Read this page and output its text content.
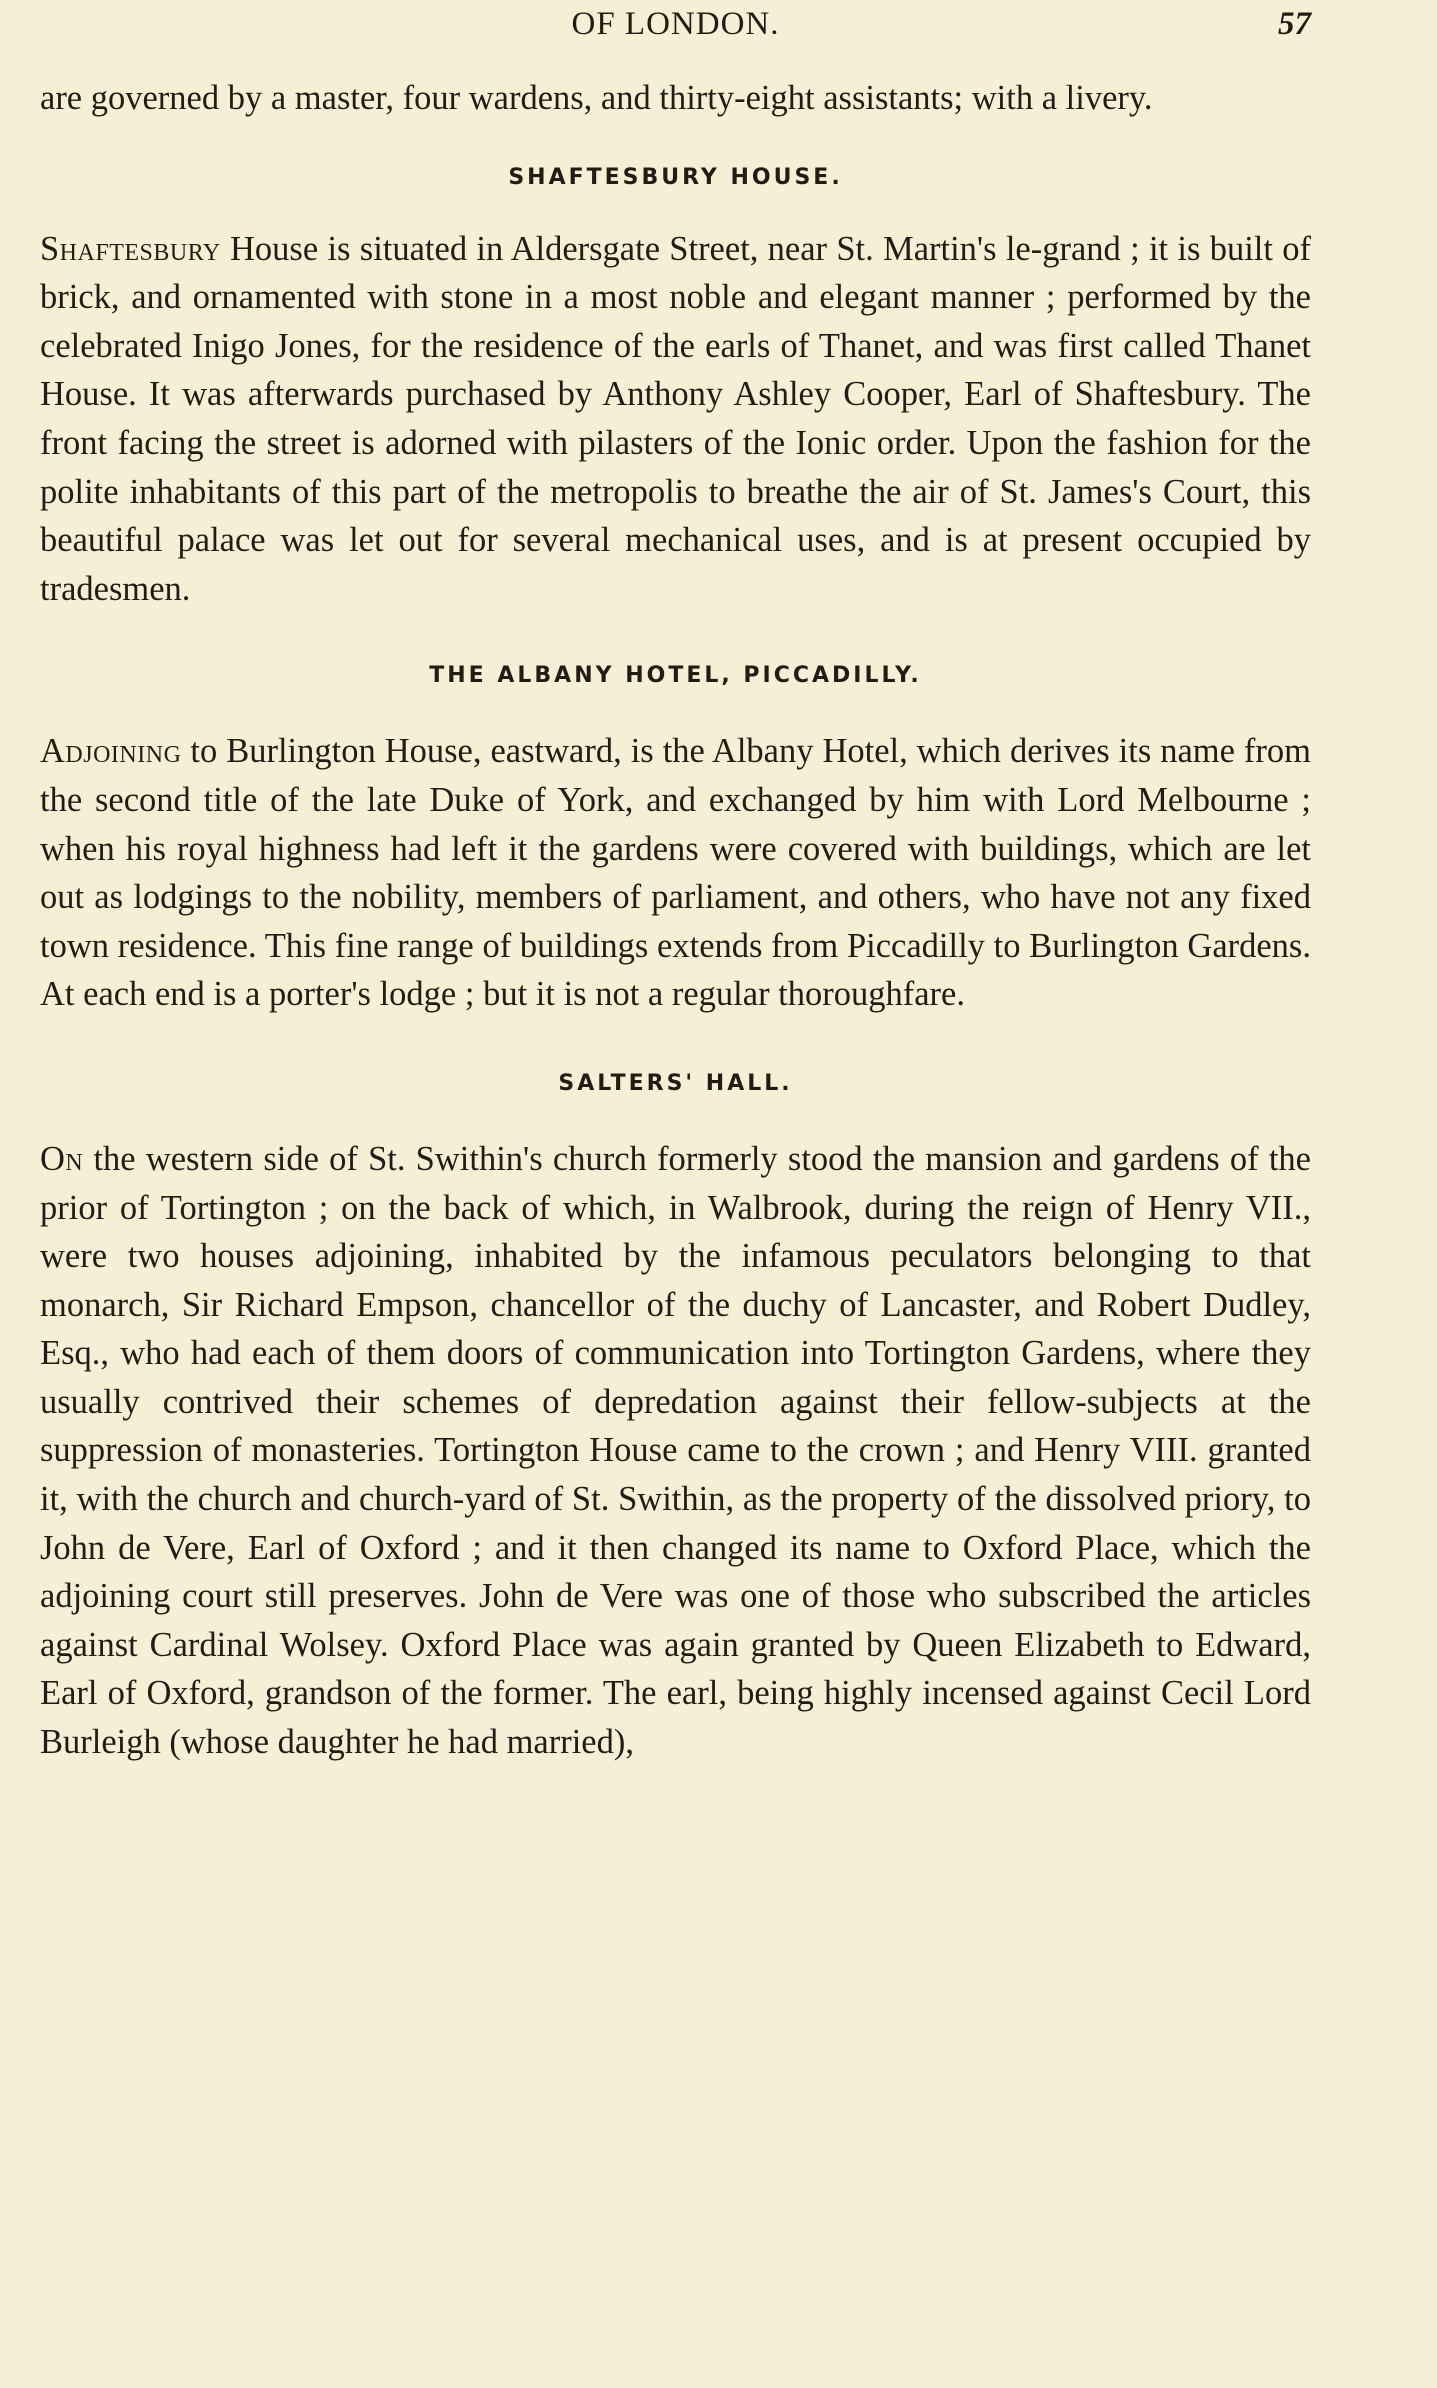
OF LONDON.	57

are governed by a master, four wardens, and thirty-eight assistants; with a livery.

SHAFTESBURY HOUSE.

Shaftesbury House is situated in Aldersgate Street, near St. Martin's le-grand ; it is built of brick, and ornamented with stone in a most noble and elegant manner ; performed by the celebrated Inigo Jones, for the residence of the earls of Thanet, and was first called Thanet House. It was afterwards purchased by Anthony Ashley Cooper, Earl of Shaftesbury. The front facing the street is adorned with pilasters of the Ionic order. Upon the fashion for the polite inhabitants of this part of the metropolis to breathe the air of St. James's Court, this beautiful palace was let out for several mechanical uses, and is at present occupied by tradesmen.

THE ALBANY HOTEL, PICCADILLY.

Adjoining to Burlington House, eastward, is the Albany Hotel, which derives its name from the second title of the late Duke of York, and exchanged by him with Lord Melbourne ; when his royal highness had left it the gardens were covered with buildings, which are let out as lodgings to the nobility, members of parliament, and others, who have not any fixed town residence. This fine range of buildings extends from Piccadilly to Burlington Gardens. At each end is a porter's lodge ; but it is not a regular thoroughfare.

SALTERS' HALL.

On the western side of St. Swithin's church formerly stood the mansion and gardens of the prior of Tortington ; on the back of which, in Walbrook, during the reign of Henry VII., were two houses adjoining, inhabited by the infamous peculators belonging to that monarch, Sir Richard Empson, chancellor of the duchy of Lancaster, and Robert Dudley, Esq., who had each of them doors of communication into Tortington Gardens, where they usually contrived their schemes of depredation against their fellow-subjects at the suppression of monasteries. Tortington House came to the crown ; and Henry VIII. granted it, with the church and church-yard of St. Swithin, as the property of the dissolved priory, to John de Vere, Earl of Oxford ; and it then changed its name to Oxford Place, which the adjoining court still preserves. John de Vere was one of those who subscribed the articles against Cardinal Wolsey. Oxford Place was again granted by Queen Elizabeth to Edward, Earl of Oxford, grandson of the former. The earl, being highly incensed against Cecil Lord Burleigh (whose daughter he had married),
